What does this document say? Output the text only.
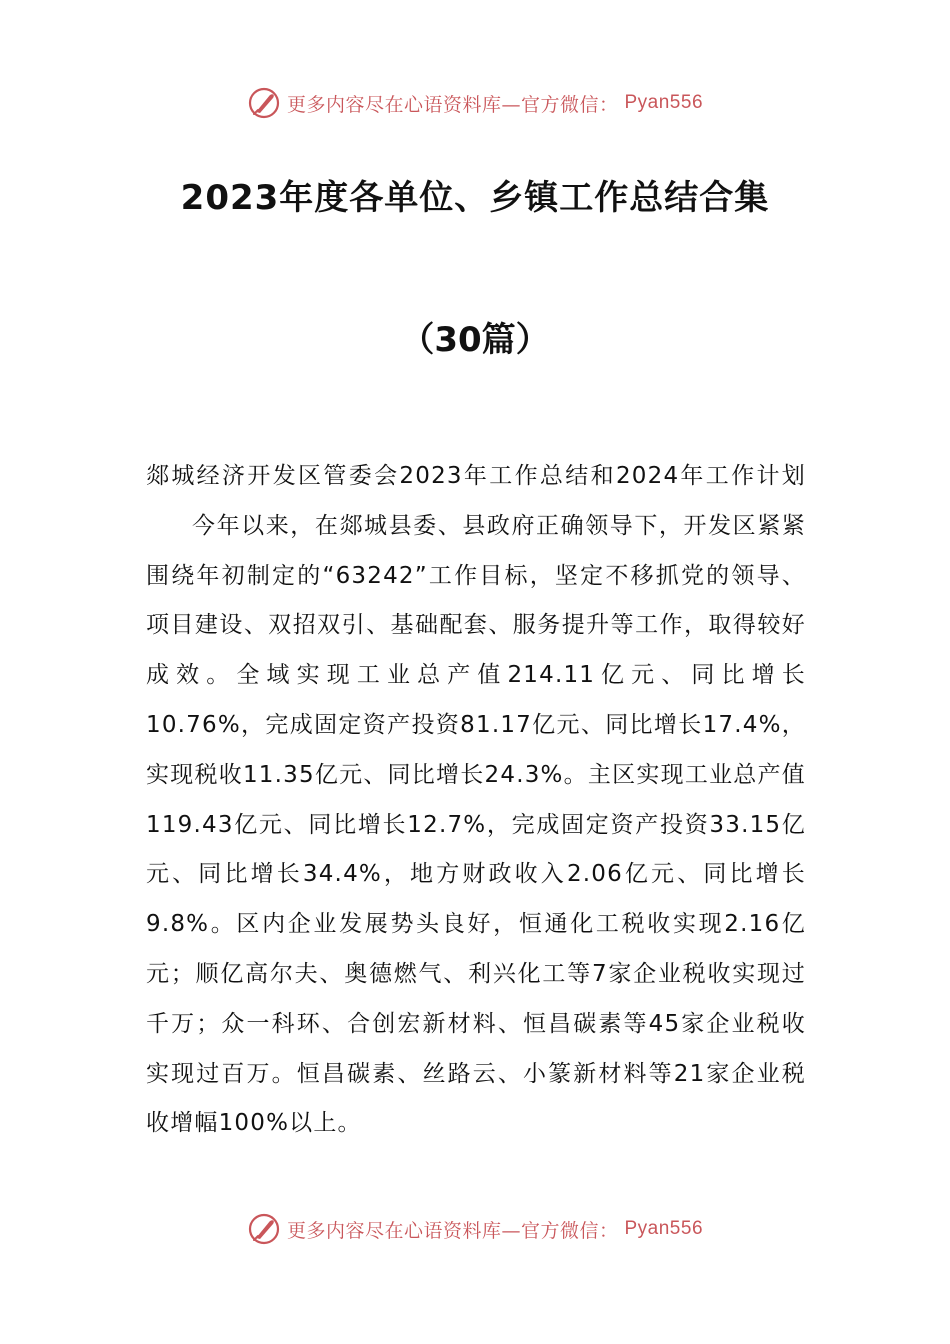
更多内容尽在心语资料库—官方微信： Pyan556
2023年度各单位、乡镇工作总结合集
（30篇）
郯城经济开发区管委会2023年工作总结和2024年工作计划

今年以来，在郯城县委、县政府正确领导下，开发区紧紧围绕年初制定的“63242”工作目标，坚定不移抓党的领导、项目建设、双招双引、基础配套、服务提升等工作，取得较好成效。全域实现工业总产值214.11亿元、同比增长10.76%，完成固定资产投资81.17亿元、同比增长17.4%，实现税收11.35亿元、同比增长24.3%。主区实现工业总产值119.43亿元、同比增长12.7%，完成固定资产投资33.15亿元、同比增长34.4%，地方财政收入2.06亿元、同比增长9.8%。区内企业发展势头良好，恒通化工税收实现2.16亿元；顺亿高尔夫、奥德燃气、利兴化工等7家企业税收实现过千万；众一科环、合创宏新材料、恒昌碳素等45家企业税收实现过百万。恒昌碳素、丝路云、小篆新材料等21家企业税收增幅100%以上。

更多内容尽在心语资料库—官方微信： Pyan556
